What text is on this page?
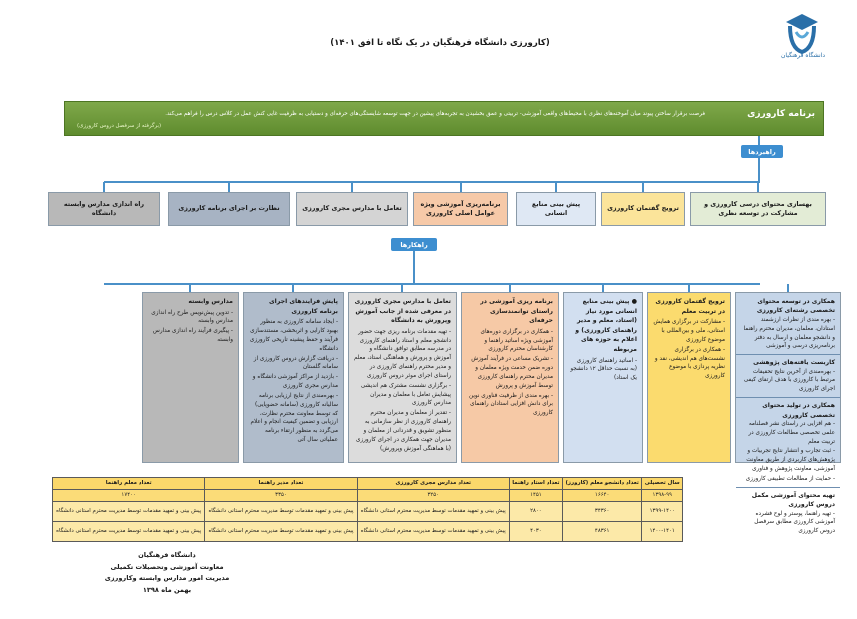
دانشگاه فرهنگیان
(کارورزی دانشگاه فرهنگیان در یک نگاه تا افق ۱۴۰۱)
برنامه کارورزی
فرصت برقرار ساختن پیوند میان آموخته‌های نظری با محیط‌های واقعی آموزشی- تربیتی و عمق بخشیدن به تجربه‌های پیشین در جهت توسعه شایستگی‌های حرفه‌ای و دستیابی به ظرفیت غایی کنش عمل در کلاس درس را فراهم می‌کند.
(برگرفته از سرفصل دروس کارورزی)
راهبردها
بهسازی محتوای درسی کارورزی و مشارکت در توسعه نظری
ترویج گفتمان کارورزی
پیش بینی منابع انسانی
برنامه‌ریزی آموزشی ویژه عوامل اصلی کارورزی
تعامل با مدارس مجری کارورزی
نظارت بر اجرای برنامه کارورزی
راه اندازی مدارس وابسته دانشگاه
راهکارها
همکاری در توسعه محتوای تخصصی رشته‌ای کارورزی

- بهره مندی از نظرات ارزشمند استادان، معلمان، مدیران محترم راهنما و دانشجو معلمان و ارسال به دفتر برنامه‌ریزی درسی و آموزشی

کاربست یافته‌های پژوهشی

- بهره‌مندی از آخرین نتایج تحقیقات مرتبط با کارورزی با هدف ارتقای کیفی اجرای کارورزی

همکاری در تولید محتوای تخصصی کارورزی

- هم افزایی در راستای نشر فصلنامه علمی تخصصی مطالعات کارورزی در تربیت معلم

- ثبت تجارب و انتشار نتایج تجربیات و پژوهش‌های کاربردی از طریق معاونت آموزشی، معاونت پژوهش و فناوری

- حمایت از مطالعات تطبیقی کارورزی

تهیه محتوای آموزشی مکمل دروس کارورزی

- تهیه راهنما، پوستر و لوح فشرده آموزشی کارورزی مطابق سرفصل دروس کارورزی

ترویج گفتمان کارورزی در تربیت معلم

- مشارکت در برگزاری همایش استانی، ملی و بین‌المللی با موضوع کارورزی

- همکاری در برگزاری نشست‌های هم اندیشی، نقد و نظریه پردازی با موضوع کارورزی

● پیش بینی منابع انسانی مورد نیاز (استاد، معلم و مدیر راهنمای کارورزی) و اعلام به حوزه های مربوطه

- اساتید راهنمای کارورزی (به نسبت حداقل ۱۲ دانشجو یک استاد)

برنامه ریزی آموزشی در راستای توانمندسازی حرفه‌ای

- همکاری در برگزاری دوره‌های آموزشی ویژه اساتید راهنما و کارشناسان محترم کارورزی

- تشریک مساعی در فرآیند آموزش دوره ضمن خدمت ویژه معلمان و مدیران محترم راهنمای کارورزی توسط آموزش و پرورش

- بهره مندی از ظرفیت فناوری نوین برای دانش افزایی استادان راهنمای کارورزی

تعامل با مدارس مجری کارورزی در معرفی شده از جانب آموزش وپرورش به دانشگاه

- تهیه مقدمات برنامه ریزی جهت حضور دانشجو معلم و استاد راهنمای کارورزی در مدرسه مطابق توافق دانشگاه و آموزش و پرورش و هماهنگی استاد، معلم و مدیر محترم راهنمای کارورزی در راستای اجرای موثر دروس کارورزی

- برگزاری نشست مشترک هم اندیشی پیشایش تعامل با معلمان و مدیران مدارس کارورزی

- تقدیر از معلمان و مدیران محترم راهنمای کارورزی از نظر سازمانی به منظور تشویق و قدردانی از معلمان و مدیران جهت همکاری در اجرای کارورزی (با هماهنگی آموزش وپرورش)

پایش فرایندهای اجرای برنامه کارورزی

- ایجاد سامانه کارورزی به منظور بهبود کارایی و اثربخشی، مستندسازی فرآیند و حفظ پیشینه تاریخی کارورزی دانشگاه

- دریافت گزارش دروس کارورزی از سامانه گلستان

- بازدید از مراکز آموزشی دانشگاه و مدارس مجری کارورزی

- بهره‌مندی از نتایج ارزیابی برنامه سالیانه کارورزی (سامانه حضوپایی) که توسط معاونت محترم نظارت، ارزیابی و تضمین کیفیت انجام و اعلام می‌گردد به منظور ارتقاء برنامه عملیاتی سال آتی

مدارس وابسته

- تدوین پیش‌نویس طرح راه اندازی مدارس وابسته

- پیگیری فرآیند راه اندازی مدارس وابسته

سال تحصیلی	تعداد دانشجو معلم (کارورز)	تعداد استاد راهنما	تعداد مدارس مجری کارورزی	تعداد مدیر راهنما	تعداد معلم راهنما
۱۳۹۸-۹۹	۱۶۶۴۰	۱۴۵۱	۳۲۵۰	۳۳۵۰	۱۷۴۰۰
۱۳۹۹-۱۴۰۰	۳۴۳۶۰	۲۸۰۰	پیش بینی و تمهید مقدمات توسط مدیریت محترم استانی دانشگاه	پیش بینی و تمهید مقدمات توسط مدیریت محترم استانی دانشگاه	پیش بینی و تمهید مقدمات توسط مدیریت محترم استانی دانشگاه
۱۴۰۰-۱۴۰۱	۴۸۳۶۱	۴۰۳۰	پیش بینی و تمهید مقدمات توسط مدیریت محترم استانی دانشگاه	پیش بینی و تمهید مقدمات توسط مدیریت محترم استانی دانشگاه	پیش بینی و تمهید مقدمات توسط مدیریت محترم استانی دانشگاه
دانشگاه فرهنگیان
معاونت آموزشی وتحصیلات تکمیلی
مدیریت امور مدارس وابسته وکارورزی
بهمن ماه ۱۳۹۸
